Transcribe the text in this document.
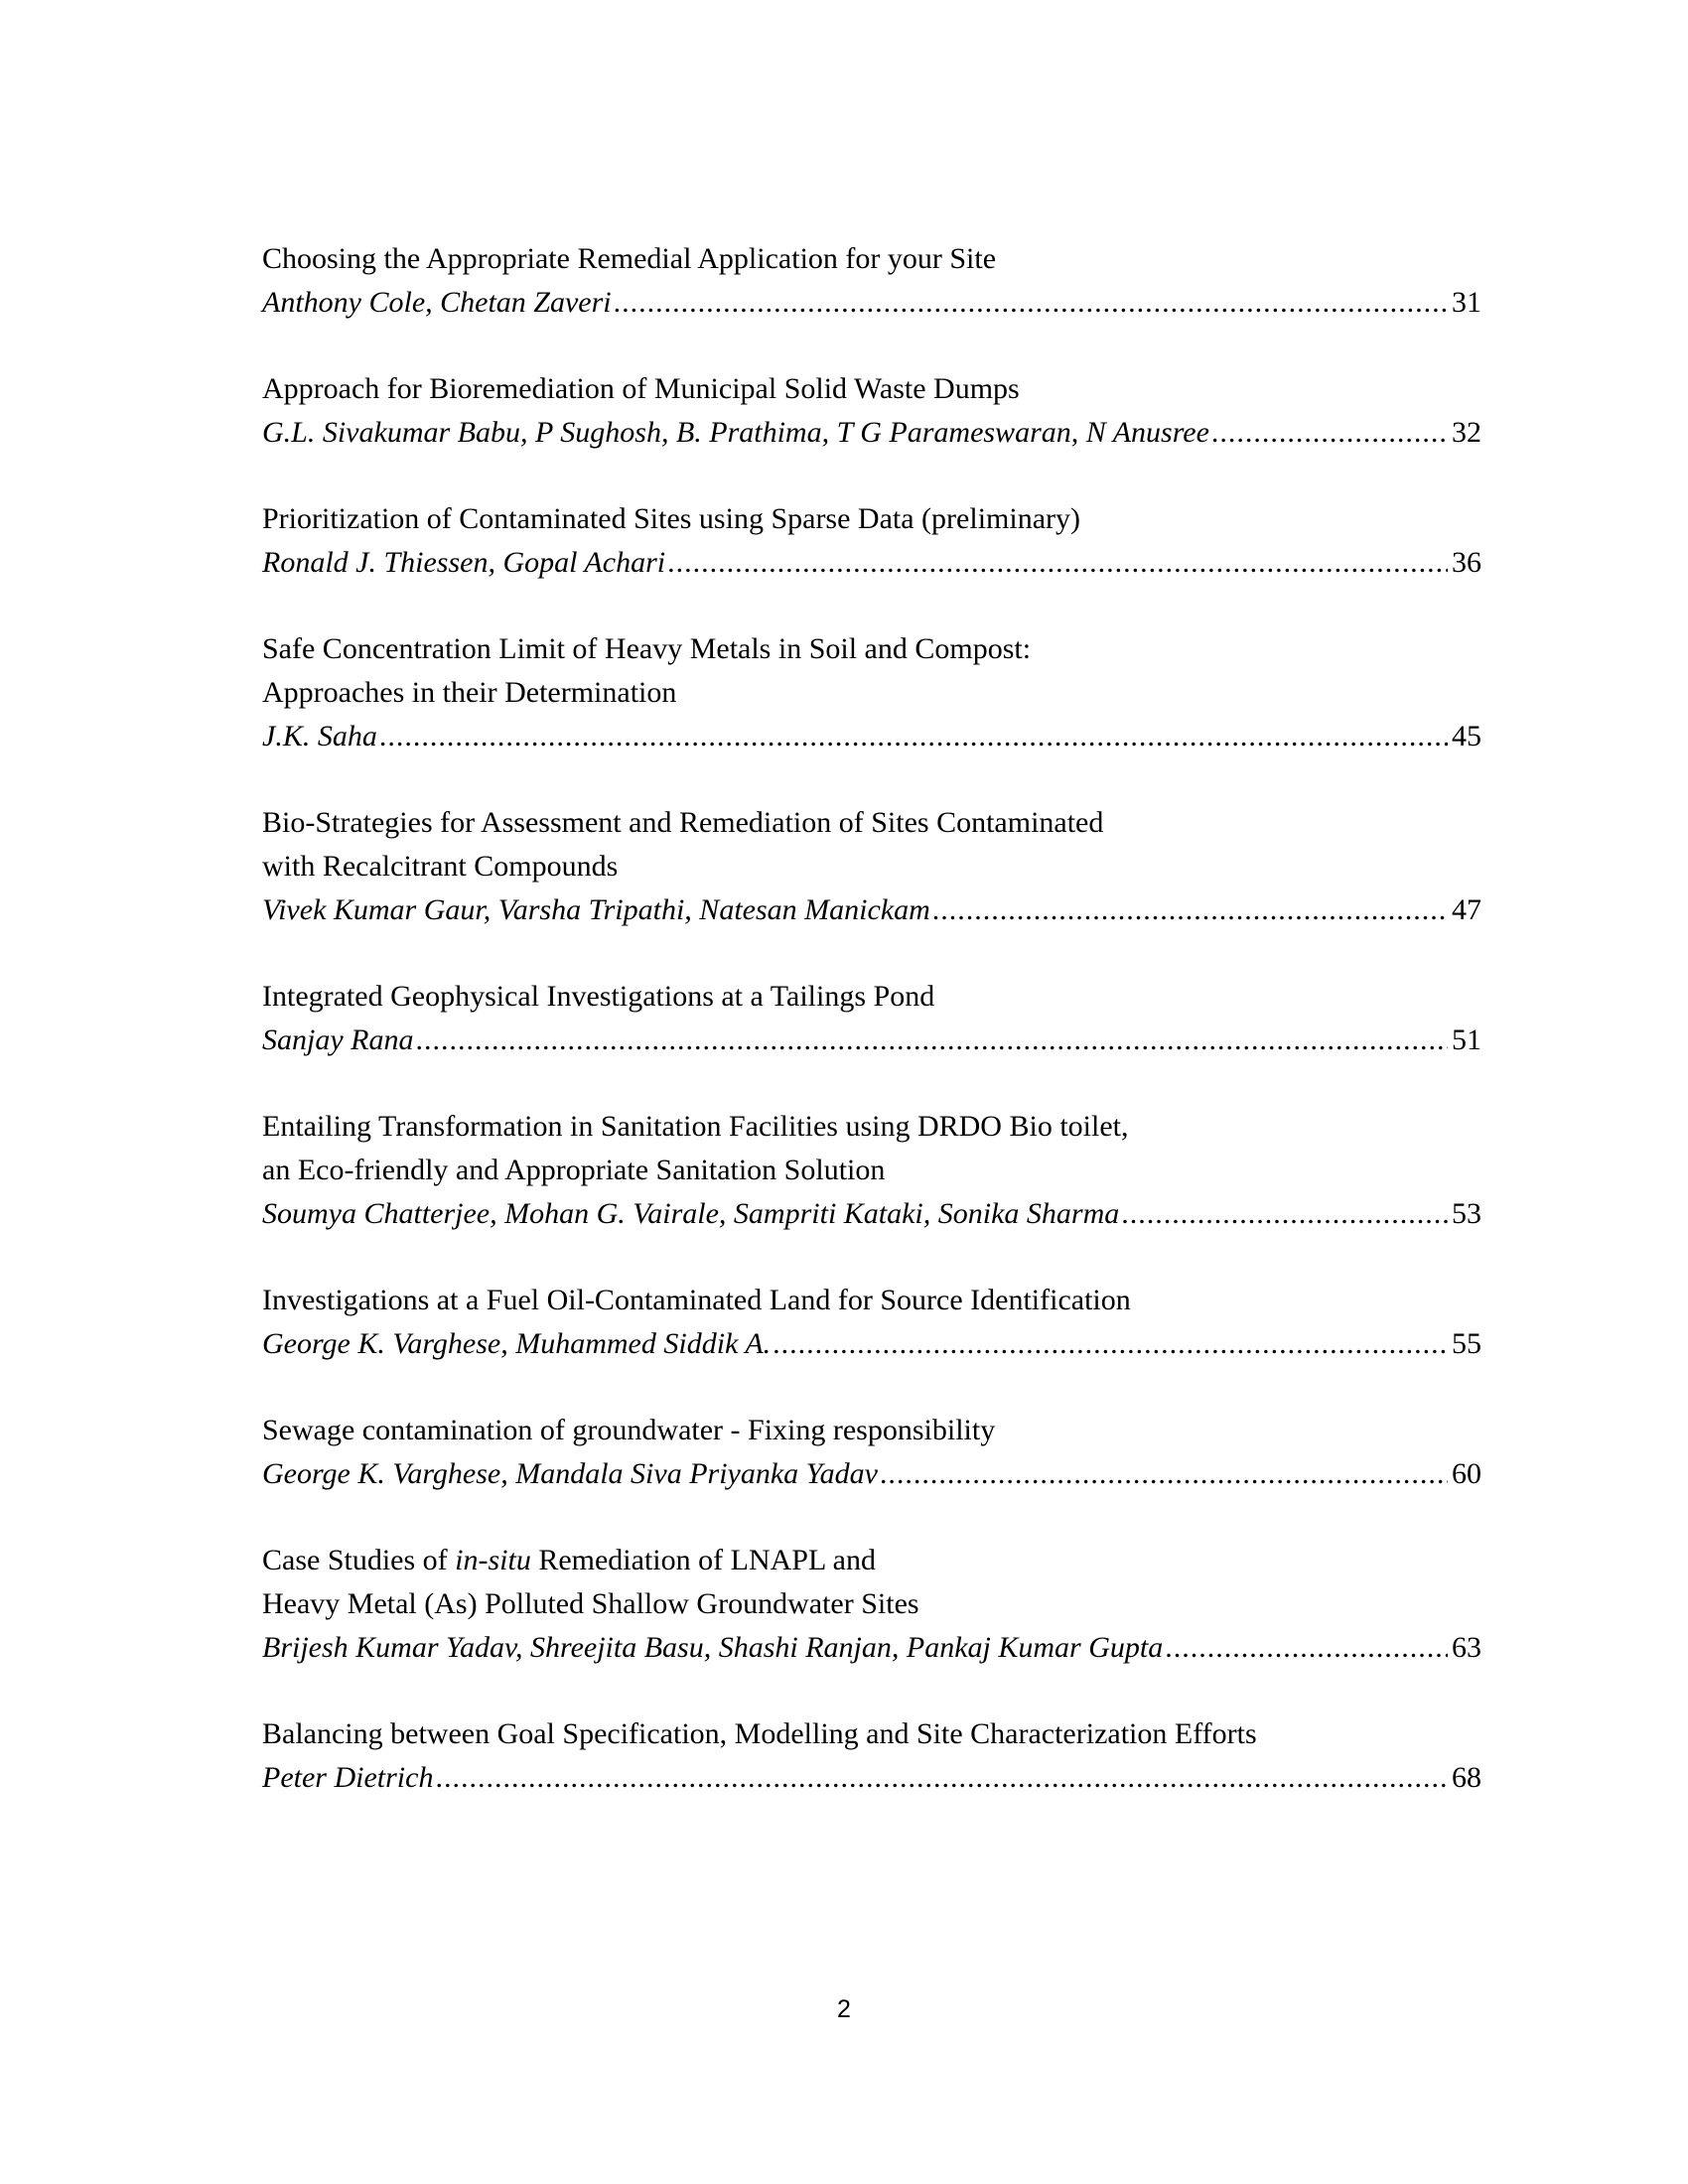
Choosing the Appropriate Remedial Application for your Site
Anthony Cole, Chetan Zaveri .....	31
Approach for Bioremediation of Municipal Solid Waste Dumps
G.L. Sivakumar Babu, P Sughosh, B. Prathima, T G Parameswaran, N Anusree .....	32
Prioritization of Contaminated Sites using Sparse Data (preliminary)
Ronald J. Thiessen, Gopal Achari .....	36
Safe Concentration Limit of Heavy Metals in Soil and Compost:
Approaches in their Determination
J.K. Saha .....	45
Bio-Strategies for Assessment and Remediation of Sites Contaminated
with Recalcitrant Compounds
Vivek Kumar Gaur, Varsha Tripathi, Natesan Manickam .....	47
Integrated Geophysical Investigations at a Tailings Pond
Sanjay Rana .....	51
Entailing Transformation in Sanitation Facilities using DRDO Bio toilet,
an Eco-friendly and Appropriate Sanitation Solution
Soumya Chatterjee, Mohan G. Vairale, Sampriti Kataki, Sonika Sharma .....	53
Investigations at a Fuel Oil-Contaminated Land for Source Identification
George K. Varghese, Muhammed Siddik A. .....	55
Sewage contamination of groundwater - Fixing responsibility
George K. Varghese, Mandala Siva Priyanka Yadav .....	60
Case Studies of in-situ Remediation of LNAPL and
Heavy Metal (As) Polluted Shallow Groundwater Sites
Brijesh Kumar Yadav, Shreejita Basu, Shashi Ranjan, Pankaj Kumar Gupta .....	63
Balancing between Goal Specification, Modelling and Site Characterization Efforts
Peter Dietrich .....	68
2
